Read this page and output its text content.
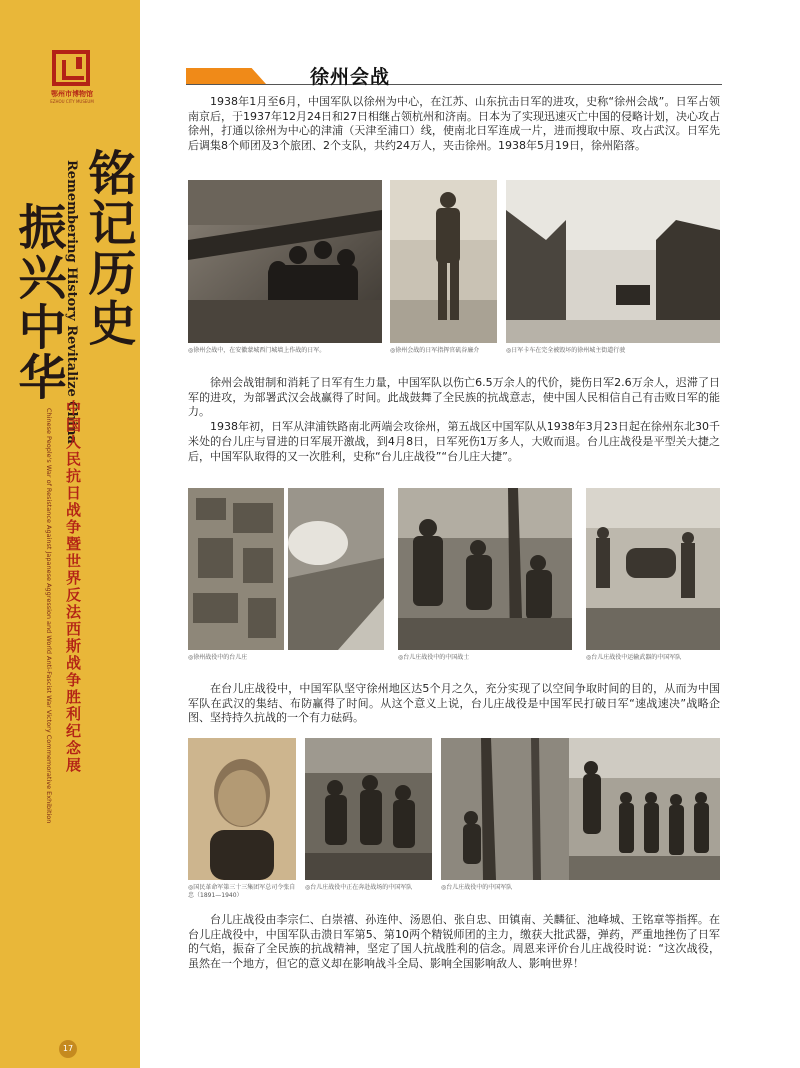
鄂州市博物馆
EZHOU CITY MUSEUM
铭记历史
Remembering History Revitalize China
振兴中华
中国人民抗日战争暨世界反法西斯战争胜利纪念展
Chinese People's War of Resistance Against Japanese Aggression and World Anti-Fascist War Victory Commemorative Exhibition
17
徐州会战

1938年1月至6月，中国军队以徐州为中心，在江苏、山东抗击日军的进攻，史称“徐州会战”。日军占领南京后，于1937年12月24日和27日相继占领杭州和济南。日本为了实现迅速灭亡中国的侵略计划，决心攻占徐州，打通以徐州为中心的津浦（天津至浦口）线，使南北日军连成一片，进而搜取中原、攻占武汉。日军先后调集8个师团及3个旅团、2个支队，共约24万人，夹击徐州。1938年5月19日，徐州陷落。

◎徐州会战中，在安徽蒙城西门城墙上作战的日军。	◎徐州会战的日军指挥官矶谷廉介	◎日军卡车在完全被毁坏的徐州城主街道行驶

徐州会战钳制和消耗了日军有生力量，中国军队以伤亡6.5万余人的代价，毙伤日军2.6万余人，迟滞了日军的进攻，为部署武汉会战赢得了时间。此战鼓舞了全民族的抗战意志，使中国人民相信自己有击败日军的能力。
1938年初，日军从津浦铁路南北两端会攻徐州，第五战区中国军队从1938年3月23日起在徐州东北30千米处的台儿庄与冒进的日军展开激战，到4月8日，日军死伤1万多人，大败而退。台儿庄战役是平型关大捷之后，中国军队取得的又一次胜利，史称“台儿庄战役”“台儿庄大捷”。

◎徐州战役中的台儿庄	◎台儿庄战役中的中国战士	◎台儿庄战役中运输武器的中国军队

在台儿庄战役中，中国军队坚守徐州地区达5个月之久，充分实现了以空间争取时间的目的，从而为中国军队在武汉的集结、布防赢得了时间。从这个意义上说，台儿庄战役是中国军民打破日军“速战速决”战略企图、坚持持久抗战的一个有力砝码。

◎国民革命军第三十三集团军总司令张自忠（1891—1940）
◎台儿庄战役中正在奔赴战场的中国军队	◎台儿庄战役中的中国军队

台儿庄战役由李宗仁、白崇禧、孙连仲、汤恩伯、张自忠、田镇南、关麟征、池峰城、王铭章等指挥。在台儿庄战役中，中国军队击溃日军第5、第10两个精锐师团的主力，缴获大批武器，弹药，严重地挫伤了日军的气焰，振奋了全民族的抗战精神，坚定了国人抗战胜利的信念。周恩来评价台儿庄战役时说：“这次战役，虽然在一个地方，但它的意义却在影响战斗全局、影响全国影响敌人、影响世界！
